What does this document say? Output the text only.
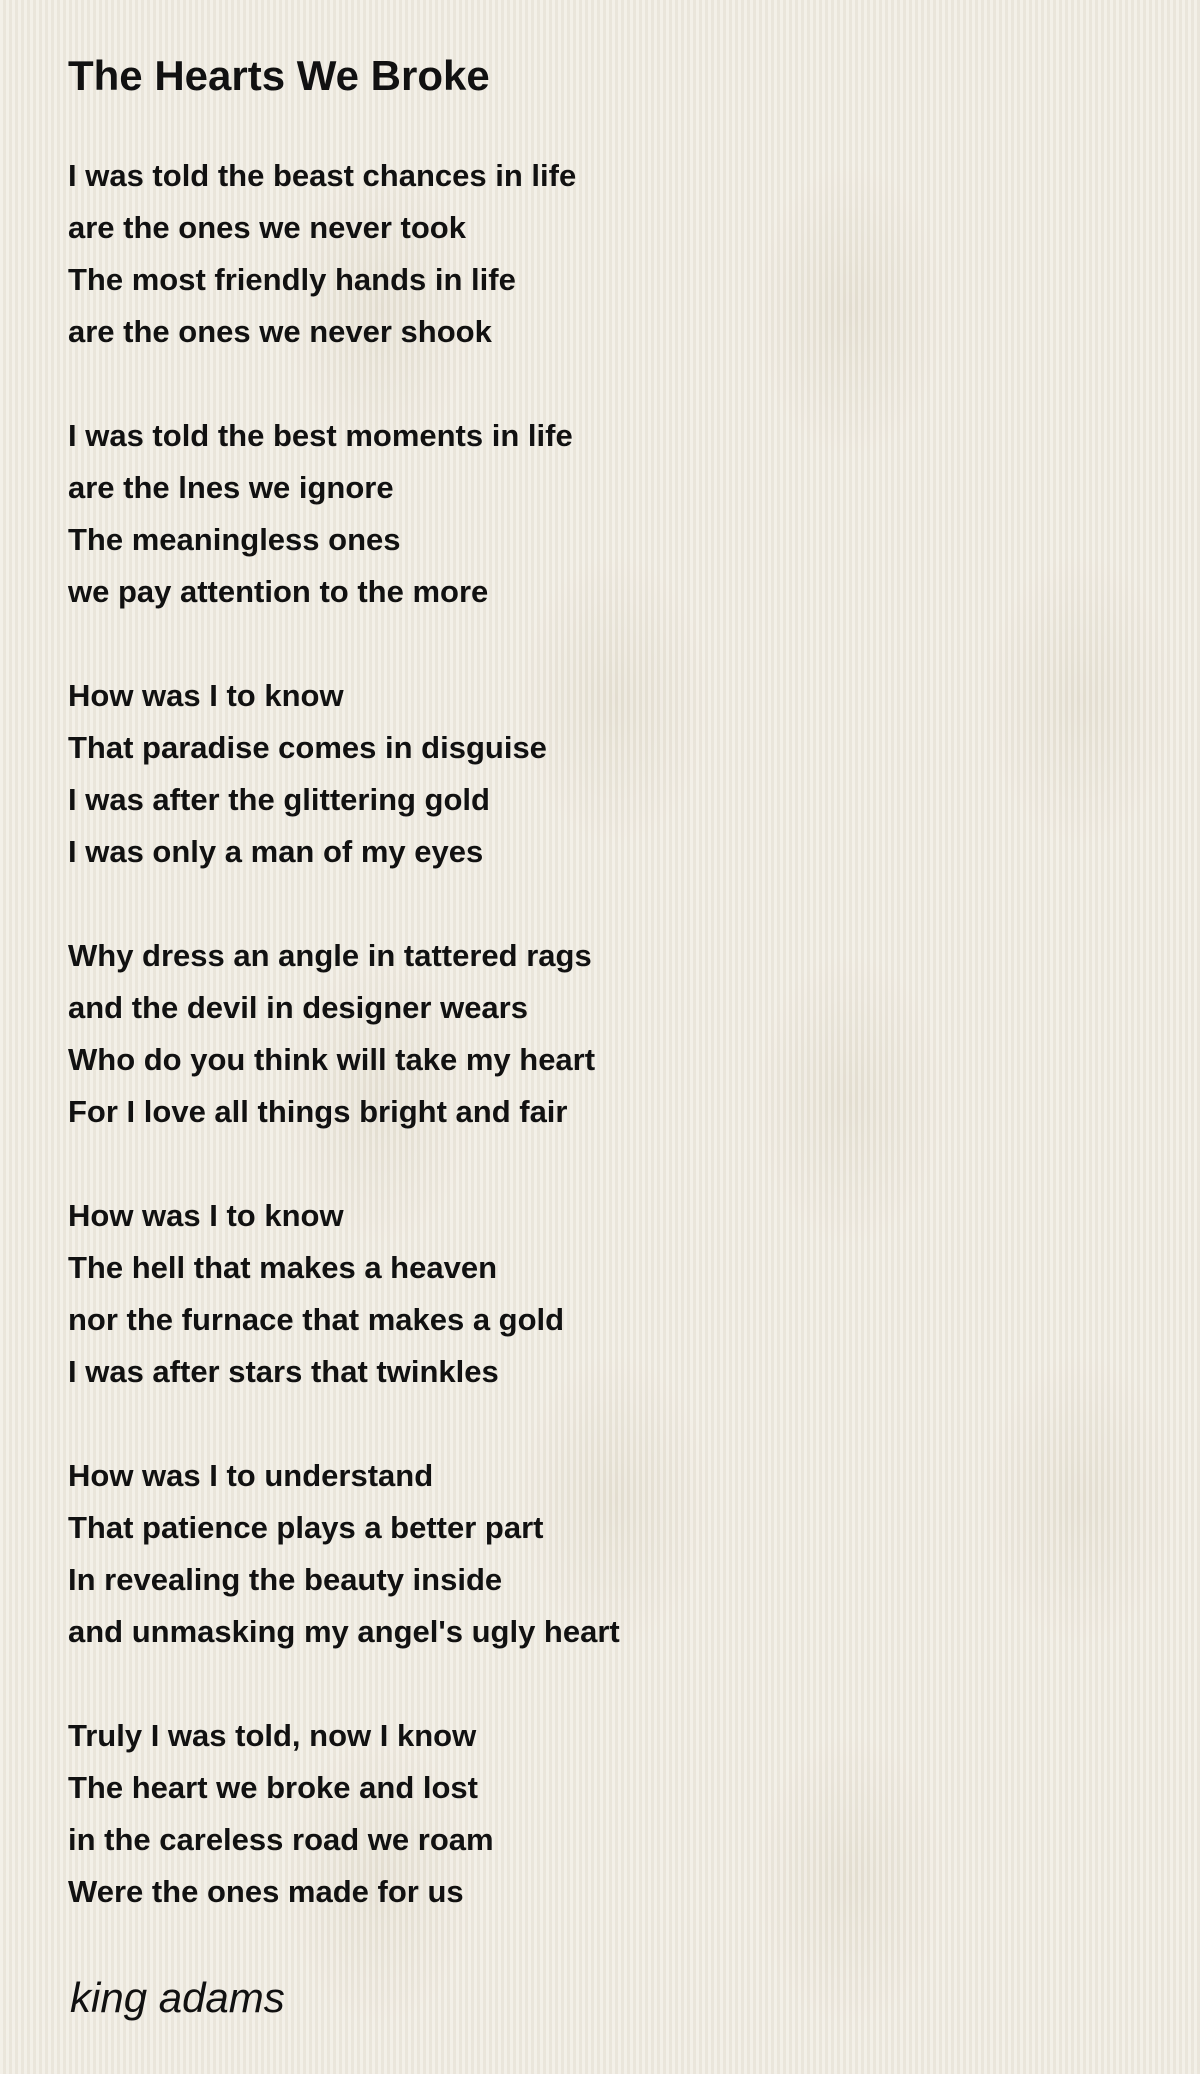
The Hearts We Broke
I was told the beast chances in life
are the ones we never took
The most friendly hands in life
are the ones we never shook
I was told the best moments in life
are the lnes we ignore
The meaningless ones
we pay attention to the more
How was I to know
That paradise comes in disguise
I was after the glittering gold
I was only a man of my eyes
Why dress an angle in tattered rags
and the devil in designer wears
Who do you think will take my heart
For I love all things bright and fair
How was I to know
The hell that makes a heaven
nor the furnace that makes a gold
I was after stars that twinkles
How was I to understand
That patience plays a better part
In revealing the beauty inside
and unmasking my angel's ugly heart
Truly I was told, now I know
The heart we broke and lost
in the careless road we roam
Were the ones made for us
king adams
